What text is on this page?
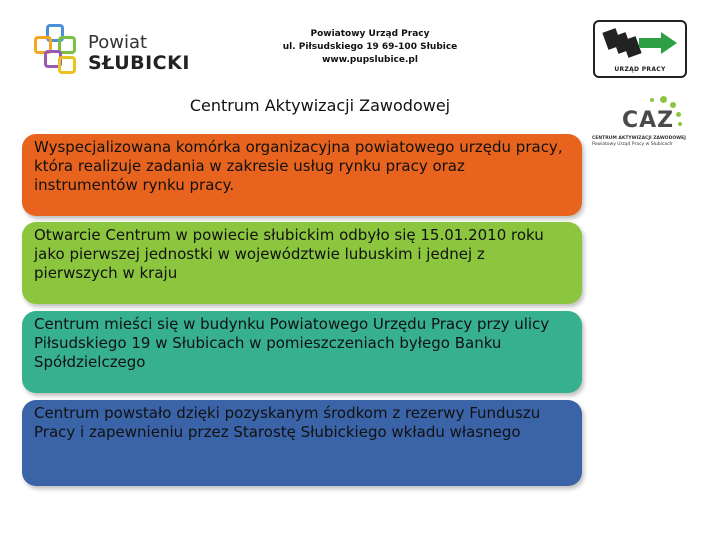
Powiat
SŁUBICKI
Powiatowy Urząd Pracy
ul. Piłsudskiego 19 69-100 Słubice
www.pupslubice.pl
URZĄD PRACY
Centrum Aktywizacji Zawodowej
CAZ
CENTRUM AKTYWIZACJI ZAWODOWEJ
Powiatowy Urząd Pracy w Słubicach
Wyspecjalizowana komórka organizacyjna powiatowego urzędu pracy, która realizuje zadania w zakresie usług rynku pracy oraz instrumentów rynku pracy.
Otwarcie Centrum w powiecie słubickim odbyło się 15.01.2010 roku jako pierwszej jednostki w województwie lubuskim i jednej z pierwszych w kraju
Centrum mieści się w budynku Powiatowego Urzędu Pracy przy ulicy Piłsudskiego 19 w Słubicach w pomieszczeniach byłego Banku Spółdzielczego
Centrum powstało dzięki pozyskanym środkom z rezerwy Funduszu Pracy i zapewnieniu przez Starostę Słubickiego wkładu własnego
